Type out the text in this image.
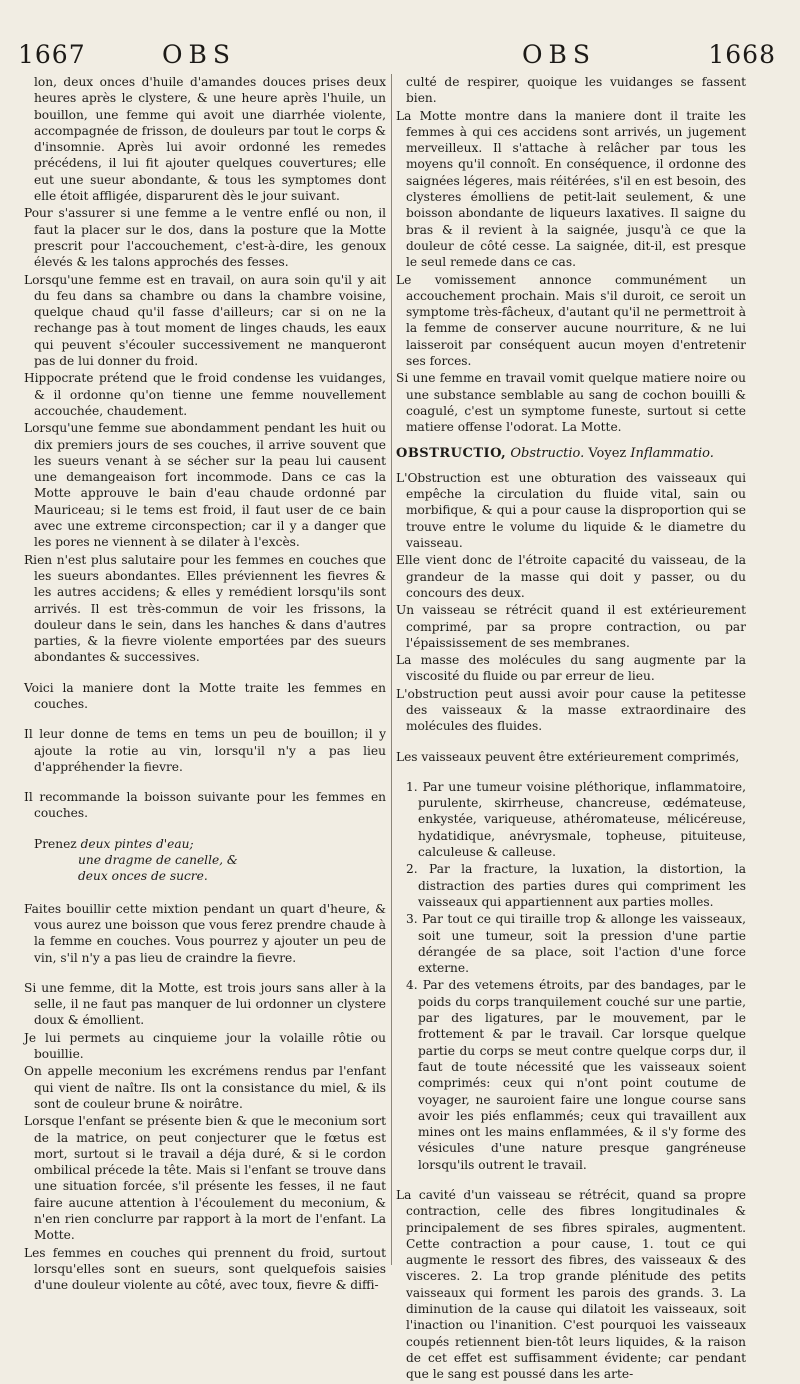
1667	OBS	OBS	1668

lon, deux onces d'huile d'amandes douces prises deux heures après le clystere, & une heure après l'huile, un bouillon, une femme qui avoit une diarrhée violente, accompagnée de frisson, de douleurs par tout le corps & d'insomnie. Après lui avoir ordonné les remedes précédens, il lui fit ajouter quelques couvertures; elle eut une sueur abondante, & tous les symptomes dont elle étoit affligée, disparurent dès le jour suivant.

Pour s'assurer si une femme a le ventre enflé ou non, il faut la placer sur le dos, dans la posture que la Motte prescrit pour l'accouchement, c'est-à-dire, les genoux élevés & les talons approchés des fesses.

Lorsqu'une femme est en travail, on aura soin qu'il y ait du feu dans sa chambre ou dans la chambre voisine, quelque chaud qu'il fasse d'ailleurs; car si on ne la rechange pas à tout moment de linges chauds, les eaux qui peuvent s'écouler successivement ne manqueront pas de lui donner du froid.

Hippocrate prétend que le froid condense les vuidanges, & il ordonne qu'on tienne une femme nouvellement accouchée, chaudement.

Lorsqu'une femme sue abondamment pendant les huit ou dix premiers jours de ses couches, il arrive souvent que les sueurs venant à se sécher sur la peau lui causent une demangeaison fort incommode. Dans ce cas la Motte approuve le bain d'eau chaude ordonné par Mauriceau; si le tems est froid, il faut user de ce bain avec une extreme circonspection; car il y a danger que les pores ne viennent à se dilater à l'excès.

Rien n'est plus salutaire pour les femmes en couches que les sueurs abondantes. Elles préviennent les fievres & les autres accidens; & elles y remédient lorsqu'ils sont arrivés. Il est très-commun de voir les frissons, la douleur dans le sein, dans les hanches & dans d'autres parties, & la fievre violente emportées par des sueurs abondantes & successives.

Voici la maniere dont la Motte traite les femmes en couches.

Il leur donne de tems en tems un peu de bouillon; il y ajoute la rotie au vin, lorsqu'il n'y a pas lieu d'appréhender la fievre.

Il recommande la boisson suivante pour les femmes en couches.

Prenez deux pintes d'eau;
une dragme de canelle, &
deux onces de sucre.

Faites bouillir cette mixtion pendant un quart d'heure, & vous aurez une boisson que vous ferez prendre chaude à la femme en couches. Vous pourrez y ajouter un peu de vin, s'il n'y a pas lieu de craindre la fievre.

Si une femme, dit la Motte, est trois jours sans aller à la selle, il ne faut pas manquer de lui ordonner un clystere doux & émollient.

Je lui permets au cinquieme jour la volaille rôtie ou bouillie.

On appelle meconium les excrémens rendus par l'enfant qui vient de naître. Ils ont la consistance du miel, & ils sont de couleur brune & noirâtre.

Lorsque l'enfant se présente bien & que le meconium sort de la matrice, on peut conjecturer que le fœtus est mort, surtout si le travail a déja duré, & si le cordon ombilical précede la tête. Mais si l'enfant se trouve dans une situation forcée, s'il présente les fesses, il ne faut faire aucune attention à l'écoulement du meconium, & n'en rien conclurre par rapport à la mort de l'enfant. La Motte.

Les femmes en couches qui prennent du froid, surtout lorsqu'elles sont en sueurs, sont quelquefois saisies d'une douleur violente au côté, avec toux, fievre & diffi-

culté de respirer, quoique les vuidanges se fassent bien.

La Motte montre dans la maniere dont il traite les femmes à qui ces accidens sont arrivés, un jugement merveilleux. Il s'attache à relâcher par tous les moyens qu'il connoît. En conséquence, il ordonne des saignées légeres, mais réitérées, s'il en est besoin, des clysteres émolliens de petit-lait seulement, & une boisson abondante de liqueurs laxatives. Il saigne du bras & il revient à la saignée, jusqu'à ce que la douleur de côté cesse. La saignée, dit-il, est presque le seul remede dans ce cas.

Le vomissement annonce communément un accouchement prochain. Mais s'il duroit, ce seroit un symptome très-fâcheux, d'autant qu'il ne permettroit à la femme de conserver aucune nourriture, & ne lui laisseroit par conséquent aucun moyen d'entretenir ses forces.

Si une femme en travail vomit quelque matiere noire ou une substance semblable au sang de cochon bouilli & coagulé, c'est un symptome funeste, surtout si cette matiere offense l'odorat. La Motte.

OBSTRUCTIO, Obstructio. Voyez Inflammatio.

L'Obstruction est une obturation des vaisseaux qui empêche la circulation du fluide vital, sain ou morbifique, & qui a pour cause la disproportion qui se trouve entre le volume du liquide & le diametre du vaisseau.

Elle vient donc de l'étroite capacité du vaisseau, de la grandeur de la masse qui doit y passer, ou du concours des deux.

Un vaisseau se rétrécit quand il est extérieurement comprimé, par sa propre contraction, ou par l'épaississement de ses membranes.

La masse des molécules du sang augmente par la viscosité du fluide ou par erreur de lieu.

L'obstruction peut aussi avoir pour cause la petitesse des vaisseaux & la masse extraordinaire des molécules des fluides.

Les vaisseaux peuvent être extérieurement comprimés,

1. Par une tumeur voisine pléthorique, inflammatoire, purulente, skirrheuse, chancreuse, œdémateuse, enkystée, variqueuse, athéromateuse, mélicéreuse, hydatidique, anévrysmale, topheuse, pituiteuse, calculeuse & calleuse.

2. Par la fracture, la luxation, la distortion, la distraction des parties dures qui compriment les vaisseaux qui appartiennent aux parties molles.

3. Par tout ce qui tiraille trop & allonge les vaisseaux, soit une tumeur, soit la pression d'une partie dérangée de sa place, soit l'action d'une force externe.

4. Par des vetemens étroits, par des bandages, par le poids du corps tranquilement couché sur une partie, par des ligatures, par le mouvement, par le frottement & par le travail. Car lorsque quelque partie du corps se meut contre quelque corps dur, il faut de toute nécessité que les vaisseaux soient comprimés: ceux qui n'ont point coutume de voyager, ne sauroient faire une longue course sans avoir les piés enflammés; ceux qui travaillent aux mines ont les mains enflammées, & il s'y forme des vésicules d'une nature presque gangréneuse lorsqu'ils outrent le travail.

La cavité d'un vaisseau se rétrécit, quand sa propre contraction, celle des fibres longitudinales & principalement de ses fibres spirales, augmentent. Cette contraction a pour cause, 1. tout ce qui augmente le ressort des fibres, des vaisseaux & des visceres. 2. La trop grande plénitude des petits vaisseaux qui forment les parois des grands. 3. La diminution de la cause qui dilatoit les vaisseaux, soit l'inaction ou l'inanition. C'est pourquoi les vaisseaux coupés retiennent bien-tôt leurs liquides, & la raison de cet effet est suffisamment évidente; car pendant que le sang est poussé dans les arte-
